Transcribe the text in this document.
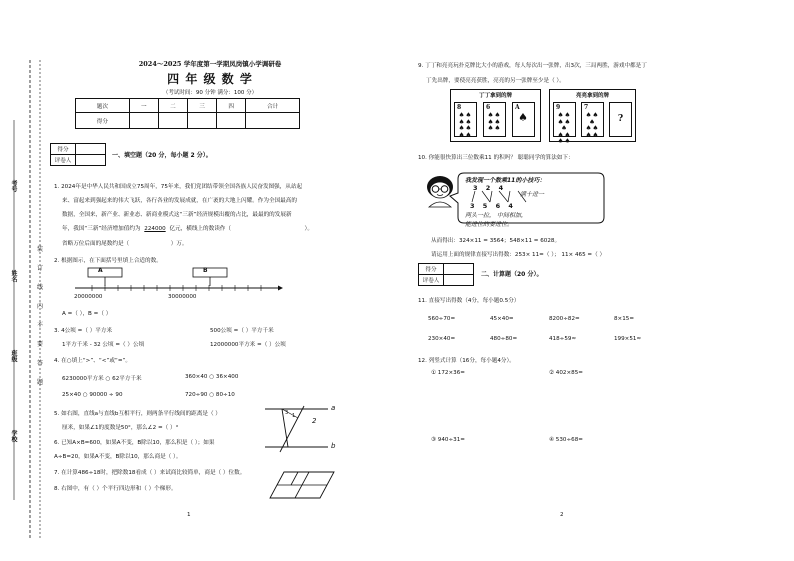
学校
班级
姓名
考号
装
订
线
内
不
要
答
题
2024～2025 学年度第一学期凤岗镇小学调研卷
四 年 级 数 学
（考试时间：90 分钟 满分：100 分）
题次	一	二	三	四	合计
得分					
得分	
评卷人	
一、填空题（20 分，每小题 2 分）。
1. 2024年是中华人民共和国成立75周年，75年来，我们党团结带领全国各族人民奋发图强，从站起
来、富起来到强起来的伟大飞跃，各行各业的发展成就，在广袤的大地上闪耀。作为全国最高的
数据，全国来，新产业、新业态、新商业模式这“三新”经济规模出覆的占比，最最的的发展新
年，我国“三新”经济增加值约为 224000 亿元，横线上的数读作（	）。
省略万位后面的尾数约是（	）万。
2. 根据图示，在下面括号里填上合适的数。
A	B
20000000	30000000
A =（ ），B =（ ）
3. 4公顷 =（ ）平方米	500公顷 =（ ）平方千米
1平方千米 - 32 公顷 =（ ）公顷	12000000平方米 =（ ）公顷
4. 在○填上“>”、“<”或“=”。
6230000平方米 ○ 62平方千米	360×40 ○ 36×400
25×40 ○ 90000 ÷ 90	720÷90 ○ 80÷10
5. 如右图，直线a与直线b互相平行，则两条平行线间的距离是（ ）
厘米，如果∠1的度数是50°，那么∠2 =（ ）°
3 1
2
a
b
6. 已知A×B=600，如果A不变，B除以10，那么积是（ ）；如果
A÷B=20，如果A不变，B除以10，那么商是（ ）。
7. 在计算486÷18时，把除数18看成（ ）来试商比较简单，商是（ ）位数。
8. 右图中，有（ ）个平行四边形和（ ）个梯形。
1
9. 丁丁和亮亮玩扑克牌比大小的游戏，每人每次出一张牌，出3次，三局两胜，游戏中都是丁
丁先出牌，要使亮亮获胜，亮亮的另一张牌至少是（ ）。
丁丁拿到的牌
8
♠♠
♠♠
♠♠
♠♠
6
♠♠
♠♠
♠♠
A
♠
亮亮拿到的牌
9
♠♠
♠♠
♠
♠♠
♠♠
7
♠♠
♠
♠♠
♠♠
?
10. 你能很快算出三位数乘11 的积吗？ 聪聪同学的算法如下：
我发现一个数乘11的小技巧：
3 2 4
满十进一
3 5 6 4
两头一拉， 中间相加，
能进位的要进位。
从而得出：324×11 = 3564；548×11 = 6028。
请运用上面的规律直接写出得数：253× 11=（ ）； 11× 465 =（ ）
得分	
评卷人	
二、计算题（20 分）。
11. 直接写出得数（4分，每小题0.5分）
560÷70=	45×40=	8200÷82=	8×15=
230×40=	480÷80=	418÷59≈	199×51≈
12. 列竖式计算（16分，每小题4分）。
① 172×36=	② 402×85=
③ 940÷31=	④ 530÷68=
2
